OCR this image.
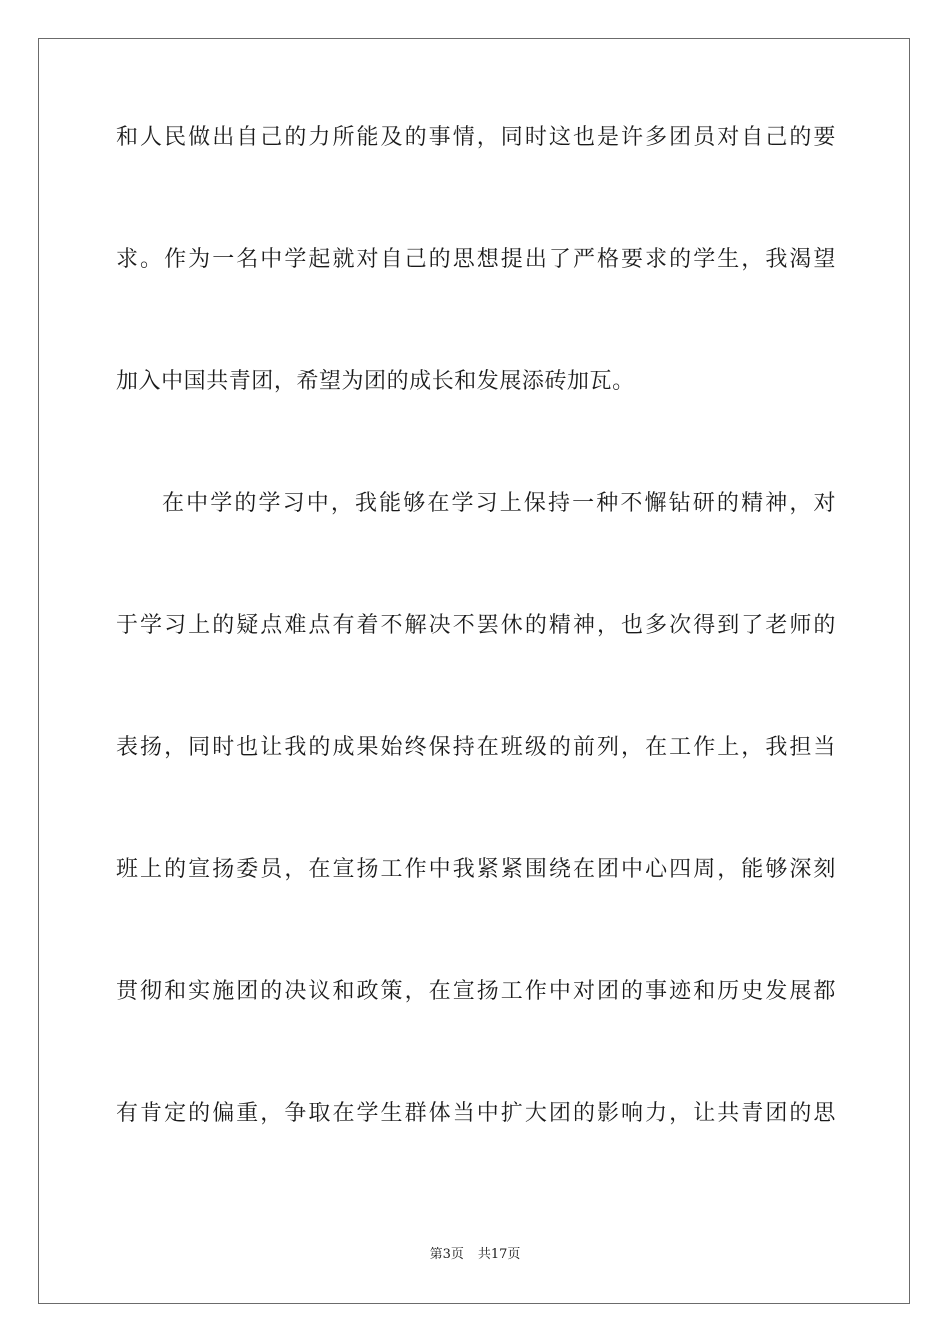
和人民做出自己的力所能及的事情，同时这也是许多团员对自己的要
求。作为一名中学起就对自己的思想提出了严格要求的学生，我渴望
加入中国共青团，希望为团的成长和发展添砖加瓦。
在中学的学习中，我能够在学习上保持一种不懈钻研的精神，对
于学习上的疑点难点有着不解决不罢休的精神，也多次得到了老师的
表扬，同时也让我的成果始终保持在班级的前列，在工作上，我担当
班上的宣扬委员，在宣扬工作中我紧紧围绕在团中心四周，能够深刻
贯彻和实施团的决议和政策，在宣扬工作中对团的事迹和历史发展都
有肯定的偏重，争取在学生群体当中扩大团的影响力，让共青团的思
第3页 共17页
